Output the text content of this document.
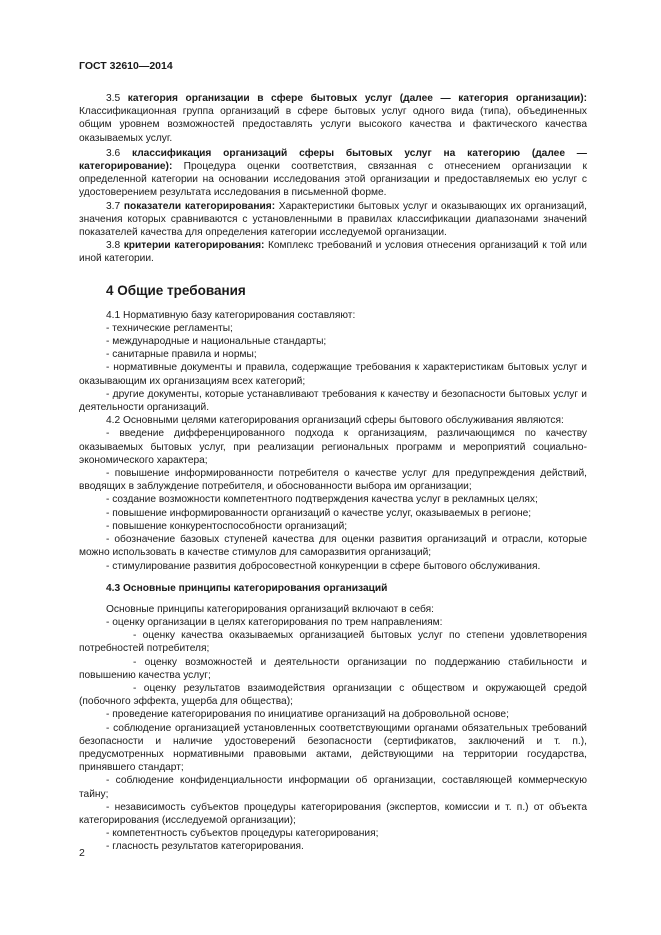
ГОСТ 32610—2014

3.5 категория организации в сфере бытовых услуг (далее — категория организации): Классификационная группа организаций в сфере бытовых услуг одного вида (типа), объединенных общим уровнем возможностей предоставлять услуги высокого качества и фактического качества оказываемых услуг.

3.6 классификация организаций сферы бытовых услуг на категорию (далее — категорирование): Процедура оценки соответствия, связанная с отнесением организации к определенной категории на основании исследования этой организации и предоставляемых ею услуг с удостоверением результата исследования в письменной форме.

3.7 показатели категорирования: Характеристики бытовых услуг и оказывающих их организаций, значения которых сравниваются с установленными в правилах классификации диапазонами значений показателей качества для определения категории исследуемой организации.

3.8 критерии категорирования: Комплекс требований и условия отнесения организаций к той или иной категории.

4 Общие требования

4.1 Нормативную базу категорирования составляют:

- технические регламенты;

- международные и национальные стандарты;

- санитарные правила и нормы;

- нормативные документы и правила, содержащие требования к характеристикам бытовых услуг и оказывающим их организациям всех категорий;

- другие документы, которые устанавливают требования к качеству и безопасности бытовых услуг и деятельности организаций.

4.2 Основными целями категорирования организаций сферы бытового обслуживания являются:

- введение дифференцированного подхода к организациям, различающимся по качеству оказываемых бытовых услуг, при реализации региональных программ и мероприятий социально-экономического характера;

- повышение информированности потребителя о качестве услуг для предупреждения действий, вводящих в заблуждение потребителя, и обоснованности выбора им организации;

- создание возможности компетентного подтверждения качества услуг в рекламных целях;

- повышение информированности организаций о качестве услуг, оказываемых в регионе;

- повышение конкурентоспособности организаций;

- обозначение базовых ступеней качества для оценки развития организаций и отрасли, которые можно использовать в качестве стимулов для саморазвития организаций;

- стимулирование развития добросовестной конкуренции в сфере бытового обслуживания.

4.3 Основные принципы категорирования организаций

Основные принципы категорирования организаций включают в себя:

- оценку организации в целях категорирования по трем направлениям:

- оценку качества оказываемых организацией бытовых услуг по степени удовлетворения потребностей потребителя;

- оценку возможностей и деятельности организации по поддержанию стабильности и повышению качества услуг;

- оценку результатов взаимодействия организации с обществом и окружающей средой (побочного эффекта, ущерба для общества);

- проведение категорирования по инициативе организаций на добровольной основе;

- соблюдение организацией установленных соответствующими органами обязательных требований безопасности и наличие удостоверений безопасности (сертификатов, заключений и т. п.), предусмотренных нормативными правовыми актами, действующими на территории государства, принявшего стандарт;

- соблюдение конфиденциальности информации об организации, составляющей коммерческую тайну;

- независимость субъектов процедуры категорирования (экспертов, комиссии и т. п.) от объекта категорирования (исследуемой организации);

- компетентность субъектов процедуры категорирования;

- гласность результатов категорирования.

2
